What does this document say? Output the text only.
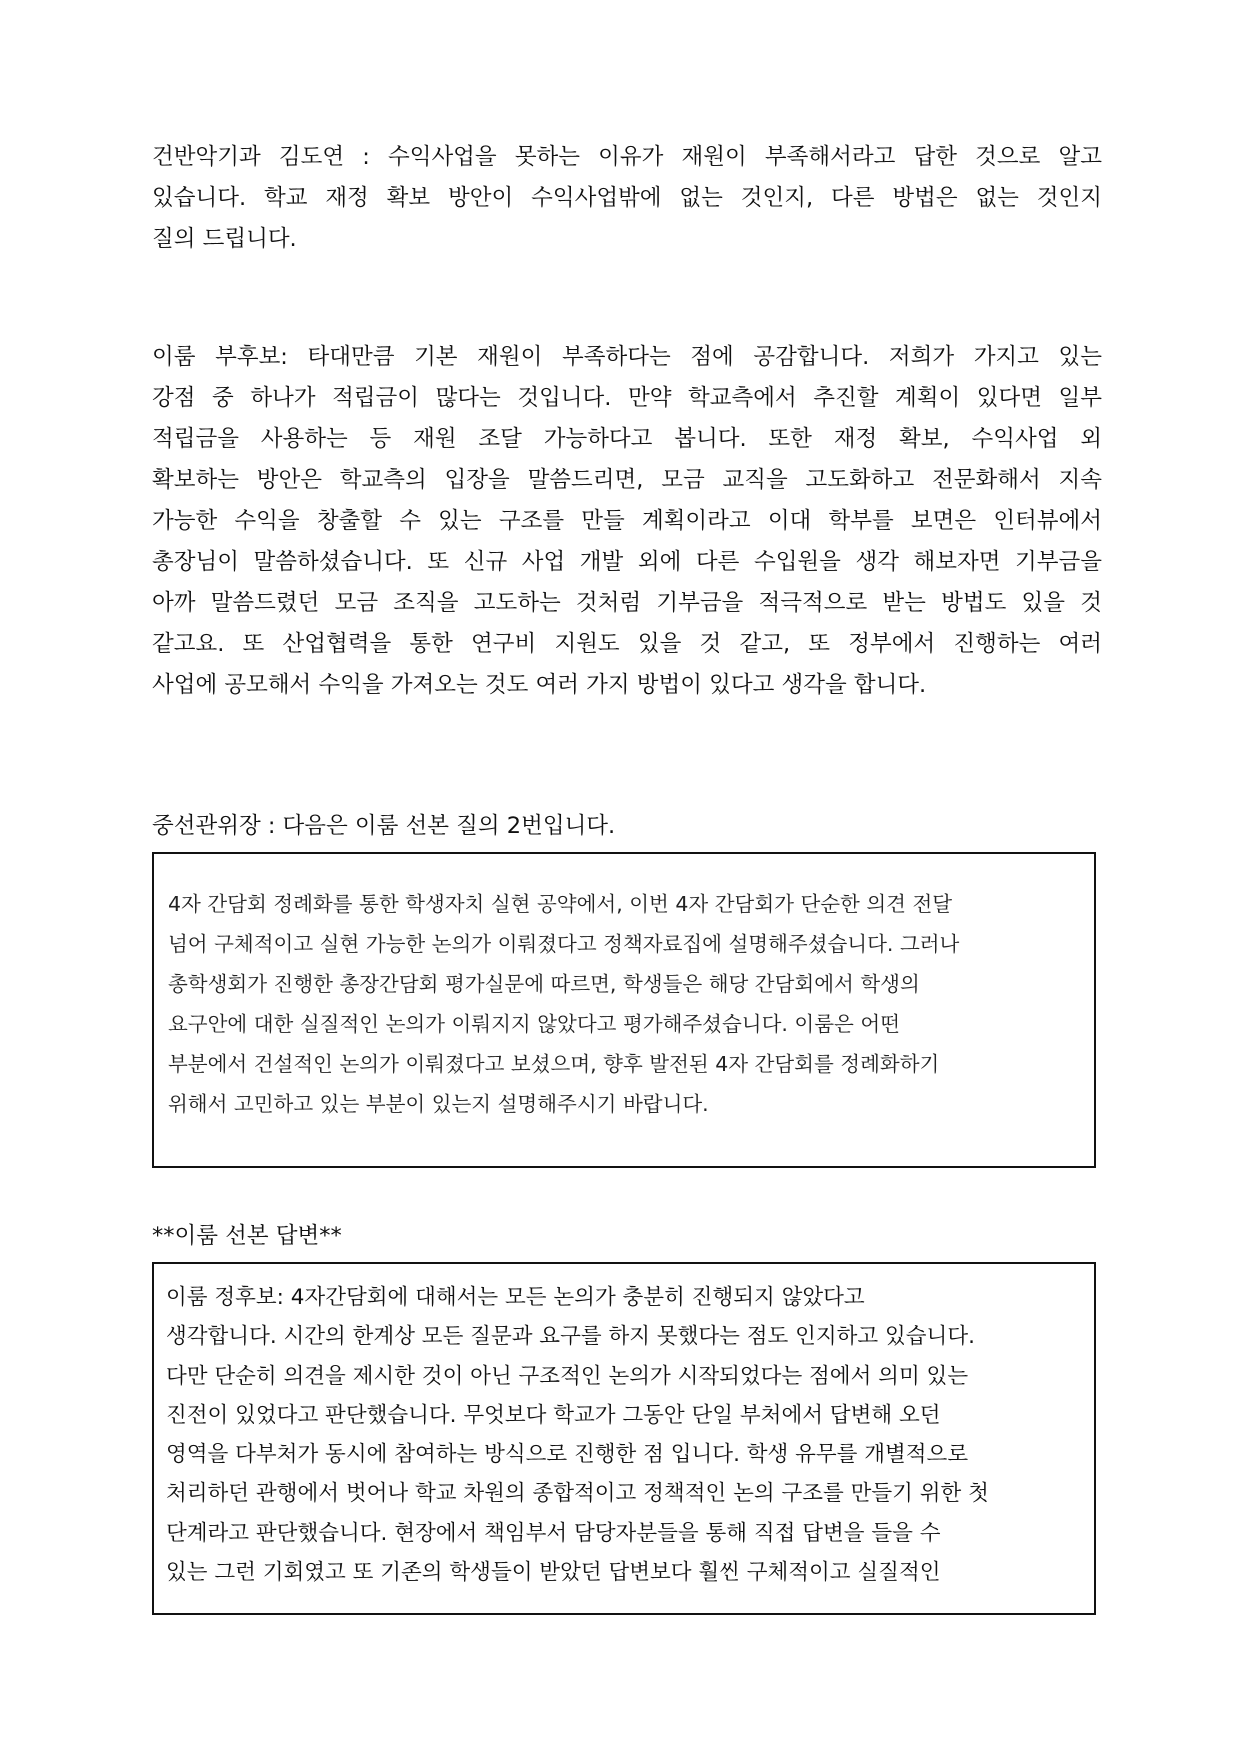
건반악기과 김도연 : 수익사업을 못하는 이유가 재원이 부족해서라고 답한 것으로 알고
있습니다. 학교 재정 확보 방안이 수익사업밖에 없는 것인지, 다른 방법은 없는 것인지
질의 드립니다.
이룸 부후보: 타대만큼 기본 재원이 부족하다는 점에 공감합니다. 저희가 가지고 있는
강점 중 하나가 적립금이 많다는 것입니다. 만약 학교측에서 추진할 계획이 있다면 일부
적립금을 사용하는 등 재원 조달 가능하다고 봅니다. 또한 재정 확보, 수익사업 외
확보하는 방안은 학교측의 입장을 말씀드리면, 모금 교직을 고도화하고 전문화해서 지속
가능한 수익을 창출할 수 있는 구조를 만들 계획이라고 이대 학부를 보면은 인터뷰에서
총장님이 말씀하셨습니다. 또 신규 사업 개발 외에 다른 수입원을 생각 해보자면 기부금을
아까 말씀드렸던 모금 조직을 고도하는 것처럼 기부금을 적극적으로 받는 방법도 있을 것
같고요. 또 산업협력을 통한 연구비 지원도 있을 것 같고, 또 정부에서 진행하는 여러
사업에 공모해서 수익을 가져오는 것도 여러 가지 방법이 있다고 생각을 합니다.

중선관위장 : 다음은 이룸 선본 질의 2번입니다.

4자 간담회 정례화를 통한 학생자치 실현 공약에서, 이번 4자 간담회가 단순한 의견 전달
넘어 구체적이고 실현 가능한 논의가 이뤄졌다고 정책자료집에 설명해주셨습니다. 그러나
총학생회가 진행한 총장간담회 평가실문에 따르면, 학생들은 해당 간담회에서 학생의
요구안에 대한 실질적인 논의가 이뤄지지 않았다고 평가해주셨습니다. 이룸은 어떤
부분에서 건설적인 논의가 이뤄졌다고 보셨으며, 향후 발전된 4자 간담회를 정례화하기
위해서 고민하고 있는 부분이 있는지 설명해주시기 바랍니다.

**이룸 선본 답변**

이룸 정후보: 4자간담회에 대해서는 모든 논의가 충분히 진행되지 않았다고
생각합니다. 시간의 한계상 모든 질문과 요구를 하지 못했다는 점도 인지하고 있습니다.
다만 단순히 의견을 제시한 것이 아닌 구조적인 논의가 시작되었다는 점에서 의미 있는
진전이 있었다고 판단했습니다. 무엇보다 학교가 그동안 단일 부처에서 답변해 오던
영역을 다부처가 동시에 참여하는 방식으로 진행한 점 입니다. 학생 유무를 개별적으로
처리하던 관행에서 벗어나 학교 차원의 종합적이고 정책적인 논의 구조를 만들기 위한 첫
단계라고 판단했습니다. 현장에서 책임부서 담당자분들을 통해 직접 답변을 들을 수
있는 그런 기회였고 또 기존의 학생들이 받았던 답변보다 훨씬 구체적이고 실질적인
